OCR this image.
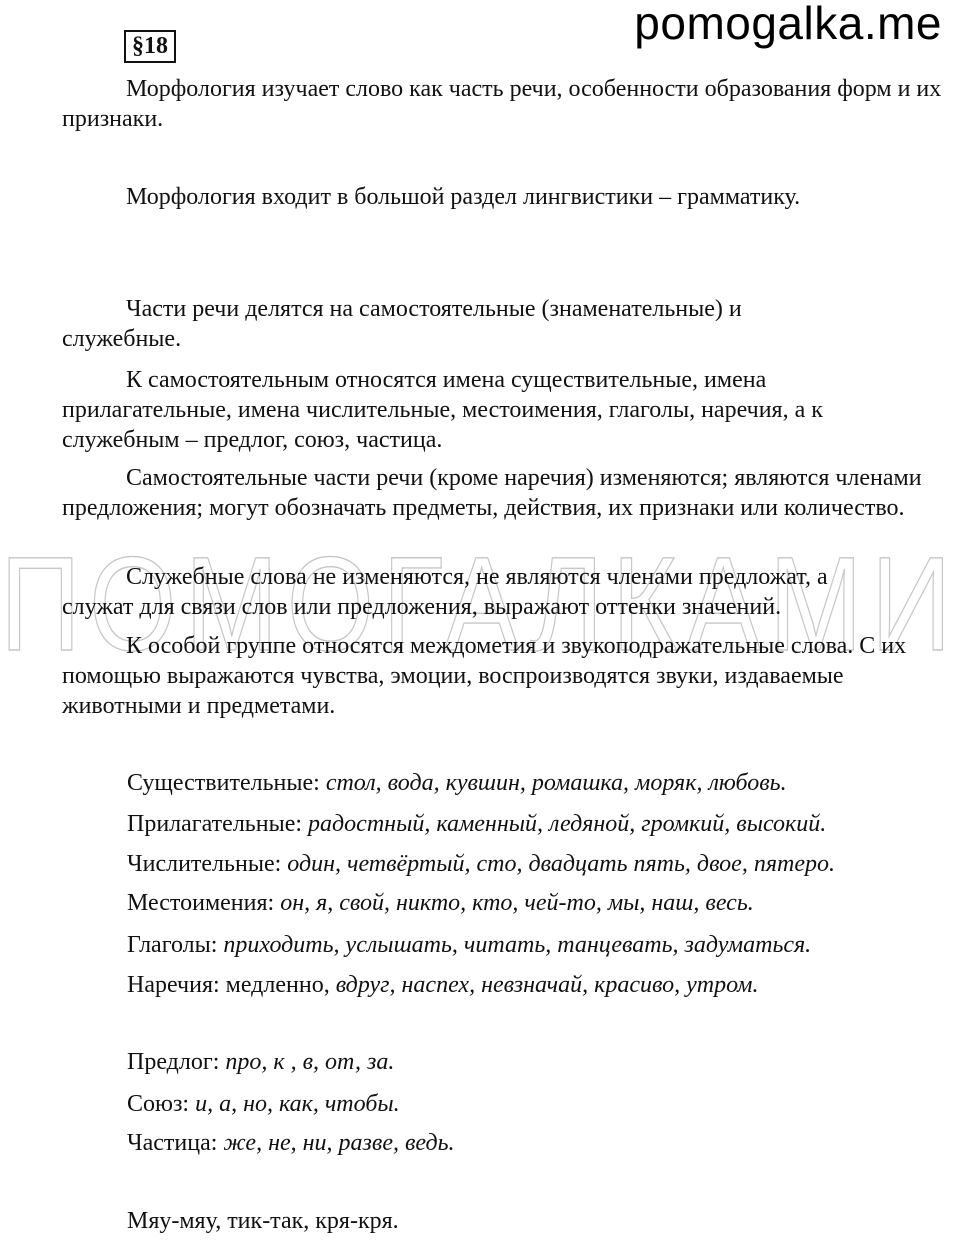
pomogalka.me
§18
ПОМОГАЛКАМИ

Морфология изучает слово как часть речи, особенности образования форм и их признаки.

Морфология входит в большой раздел лингвистики – грамматику.

Части речи делятся на самостоятельные (знаменательные) и служебные.

К самостоятельным относятся имена существительные, имена прилагательные, имена числительные, местоимения, глаголы, наречия, а к служебным – предлог, союз, частица.

Самостоятельные части речи (кроме наречия) изменяются; являются членами предложения; могут обозначать предметы, действия, их признаки или количество.

Служебные слова не изменяются, не являются членами предложат, а служат для связи слов или предложения, выражают оттенки значений.

К особой группе относятся междометия и звукоподражательные слова. С их помощью выражаются чувства, эмоции, воспроизводятся звуки, издаваемые животными и предметами.

Существительные: стол, вода, кувшин, ромашка, моряк, любовь.
Прилагательные: радостный, каменный, ледяной, громкий, высокий.
Числительные: один, четвёртый, сто, двадцать пять, двое, пятеро.
Местоимения: он, я, свой, никто, кто, чей-то, мы, наш, весь.
Глаголы: приходить, услышать, читать, танцевать, задуматься.
Наречия: медленно, вдруг, наспех, невзначай, красиво, утром.
Предлог: про, к , в, от, за.
Союз: и, а, но, как, чтобы.
Частица: же, не, ни, разве, ведь.
Мяу-мяу, тик-так, кря-кря.
